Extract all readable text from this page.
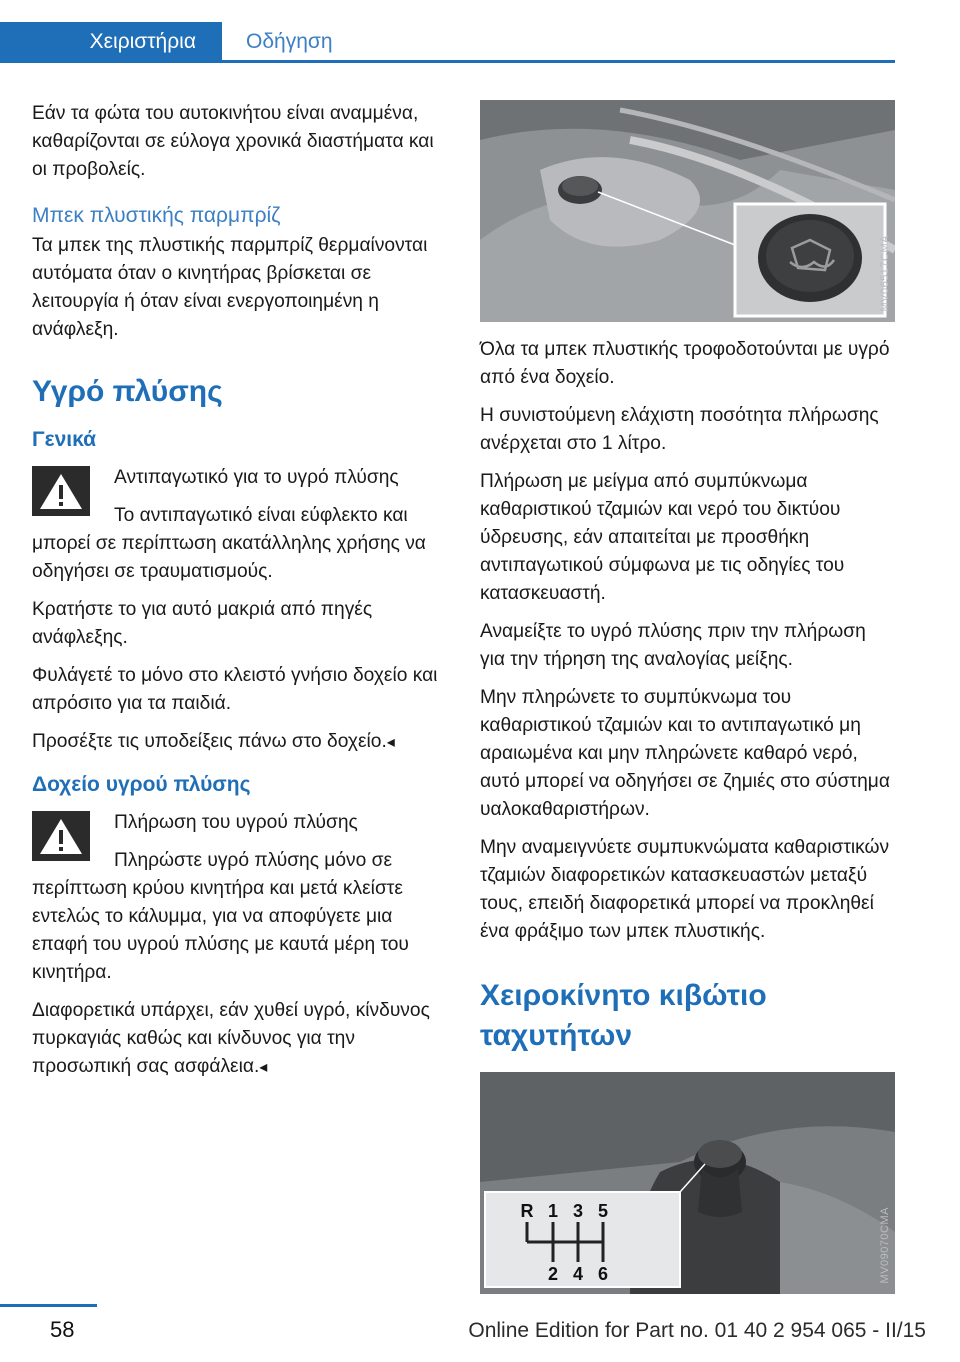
Χειριστήρια Οδήγηση

Εάν τα φώτα του αυτοκινήτου είναι αναμμένα, καθαρίζονται σε εύλογα χρονικά διαστήματα και οι προβολείς.

Μπεκ πλυστικής παρμπρίζ

Τα μπεκ της πλυστικής παρμπρίζ θερμαίνονται αυτόματα όταν ο κινητήρας βρίσκεται σε λειτουργία ή όταν είναι ενεργοποιημένη η ανάφλεξη.

Υγρό πλύσης
Γενικά

Αντιπαγωτικό για το υγρό πλύσης

Το αντιπαγωτικό είναι εύφλεκτο και μπορεί σε περίπτωση ακατάλληλης χρήσης να οδηγήσει σε τραυματισμούς.

Κρατήστε το για αυτό μακριά από πηγές ανάφλεξης.

Φυλάγετέ το μόνο στο κλειστό γνήσιο δοχείο και απρόσιτο για τα παιδιά.

Προσέξτε τις υποδείξεις πάνω στο δοχείο.◂

Δοχείο υγρού πλύσης

Πλήρωση του υγρού πλύσης

Πληρώστε υγρό πλύσης μόνο σε περίπτωση κρύου κινητήρα και μετά κλείστε εντελώς το κάλυμμα, για να αποφύγετε μια επαφή του υγρού πλύσης με καυτά μέρη του κινητήρα.

Διαφορετικά υπάρχει, εάν χυθεί υγρό, κίνδυνος πυρκαγιάς καθώς και κίνδυνος για την προσωπική σας ασφάλεια.◂

MV06517CMA

Όλα τα μπεκ πλυστικής τροφοδοτούνται με υγρό από ένα δοχείο.

Η συνιστούμενη ελάχιστη ποσότητα πλήρωσης ανέρχεται στο 1 λίτρο.

Πλήρωση με μείγμα από συμπύκνωμα καθαριστικού τζαμιών και νερό του δικτύου ύδρευσης, εάν απαιτείται με προσθήκη αντιπαγωτικού σύμφωνα με τις οδηγίες του κατασκευαστή.

Αναμείξτε το υγρό πλύσης πριν την πλήρωση για την τήρηση της αναλογίας μείξης.

Μην πληρώνετε το συμπύκνωμα του καθαριστικού τζαμιών και το αντιπαγωτικό μη αραιωμένα και μην πληρώνετε καθαρό νερό, αυτό μπορεί να οδηγήσει σε ζημιές στο σύστημα υαλοκαθαριστήρων.

Μην αναμειγνύετε συμπυκνώματα καθαριστικών τζαμιών διαφορετικών κατασκευαστών μεταξύ τους, επειδή διαφορετικά μπορεί να προκληθεί ένα φράξιμο των μπεκ πλυστικής.

Χειροκίνητο κιβώτιο ταχυτήτων
R 1 3 5
2 4 6	MV09070CMA
58	Online Edition for Part no. 01 40 2 954 065 - II/15
